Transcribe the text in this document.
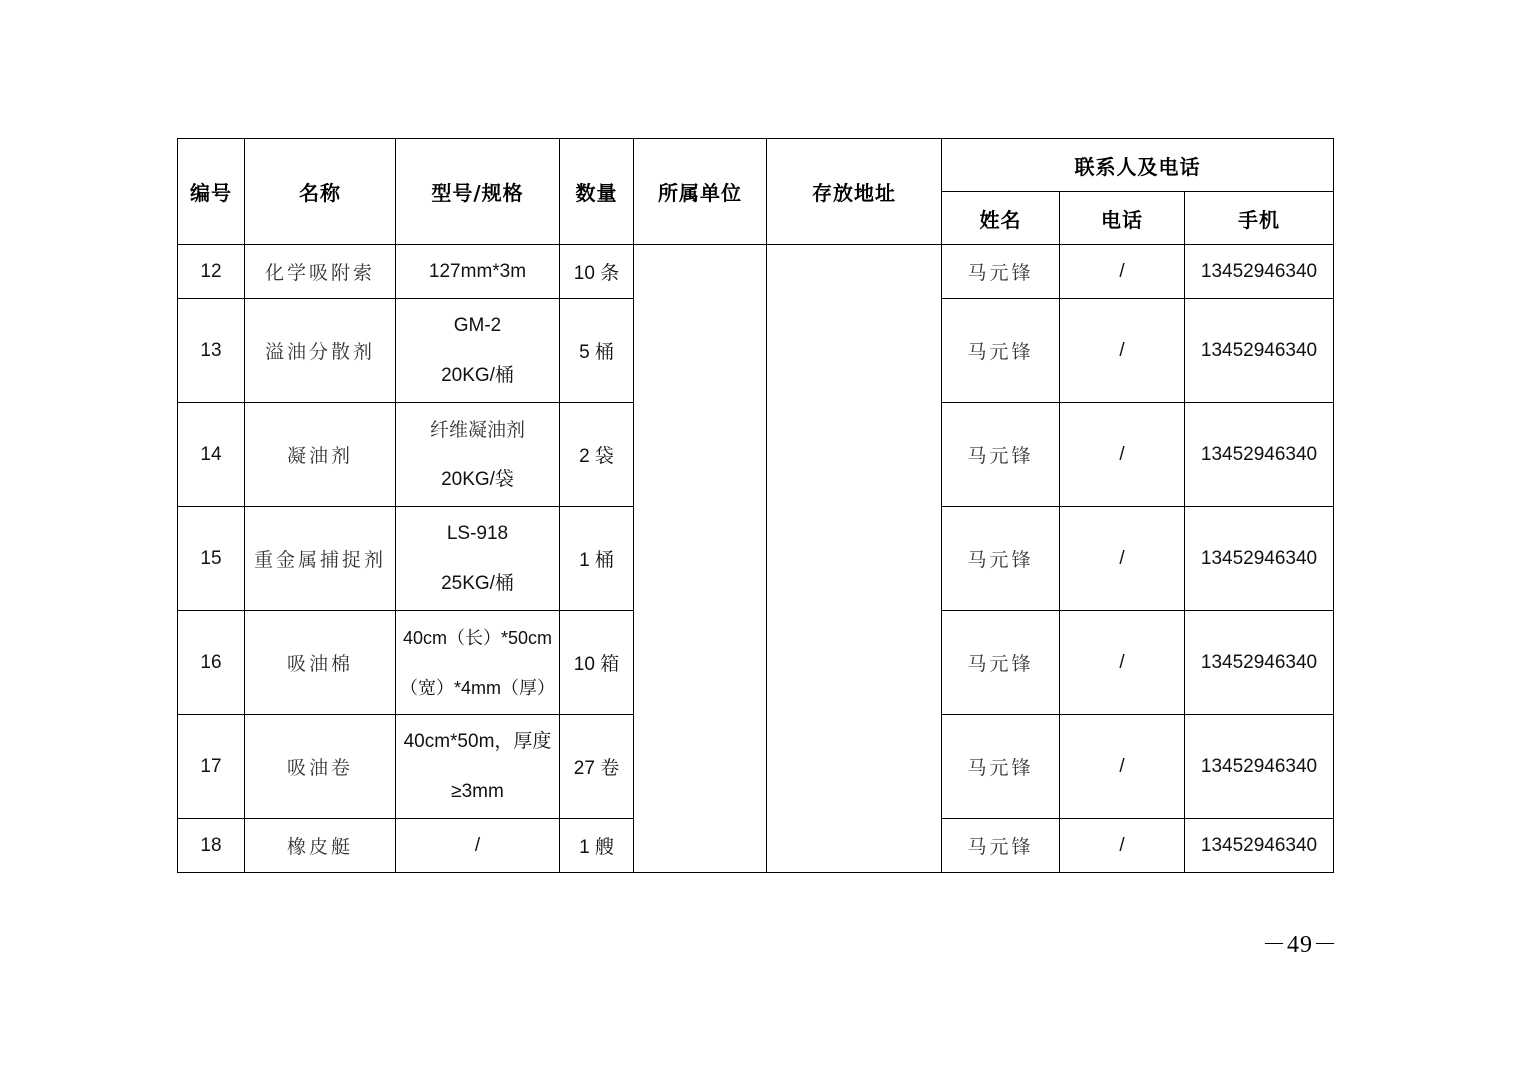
编号	名称	型号/规格	数量	所属单位	存放地址	联系人及电话		
						姓名	电话	手机
12	化学吸附索	127mm*3m	10 条			马元锋	/	13452946340
13	溢油分散剂	GM-2
20KG/桶	5 桶			马元锋	/	13452946340
14	凝油剂	纤维凝油剂
20KG/袋	2 袋			马元锋	/	13452946340
15	重金属捕捉剂	LS-918
25KG/桶	1 桶			马元锋	/	13452946340
16	吸油棉	40cm（长）*50cm
（宽）*4mm（厚）	10 箱			马元锋	/	13452946340
17	吸油卷	40cm*50m，厚度
≥3mm	27 卷			马元锋	/	13452946340
18	橡皮艇	/	1 艘			马元锋	/	13452946340
－49－
